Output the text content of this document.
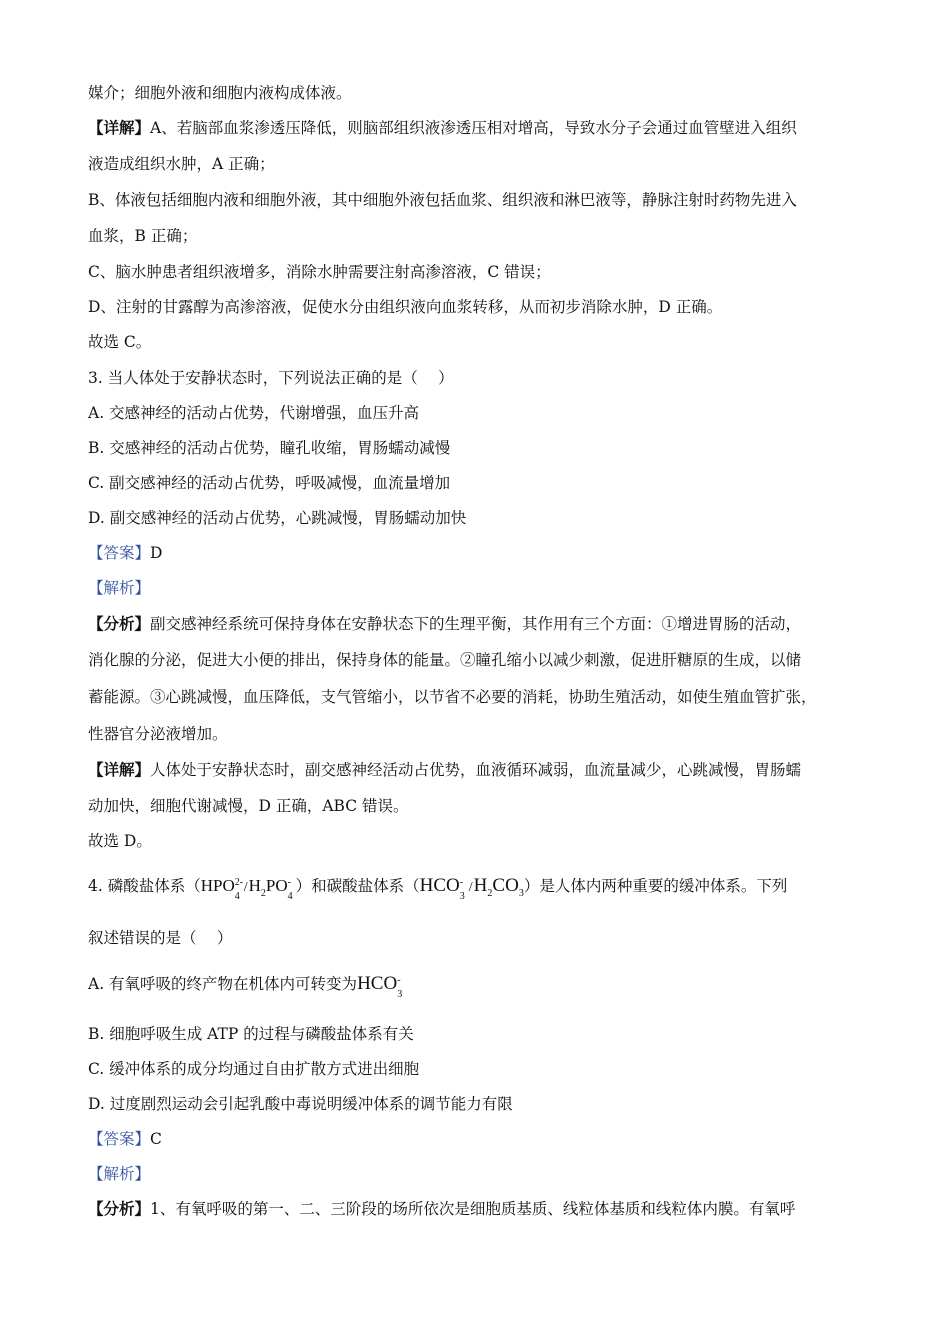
媒介；细胞外液和细胞内液构成体液。
【详解】A、若脑部血浆渗透压降低，则脑部组织液渗透压相对增高，导致水分子会通过血管壁进入组织
液造成组织水肿，A 正确；
B、体液包括细胞内液和细胞外液，其中细胞外液包括血浆、组织液和淋巴液等，静脉注射时药物先进入
血浆，B 正确；
C、脑水肿患者组织液增多，消除水肿需要注射高渗溶液，C 错误；
D、注射的甘露醇为高渗溶液，促使水分由组织液向血浆转移，从而初步消除水肿，D 正确。
故选 C。
3. 当人体处于安静状态时，下列说法正确的是（　 ）
A. 交感神经的活动占优势，代谢增强，血压升高
B. 交感神经的活动占优势，瞳孔收缩，胃肠蠕动减慢
C. 副交感神经的活动占优势，呼吸减慢，血流量增加
D. 副交感神经的活动占优势，心跳减慢，胃肠蠕动加快
【答案】D
【解析】
【分析】副交感神经系统可保持身体在安静状态下的生理平衡，其作用有三个方面：①增进胃肠的活动，
消化腺的分泌，促进大小便的排出，保持身体的能量。②瞳孔缩小以减少刺激，促进肝糖原的生成，以储
蓄能源。③心跳减慢，血压降低，支气管缩小，以节省不必要的消耗，协助生殖活动，如使生殖血管扩张，
性器官分泌液增加。
【详解】人体处于安静状态时，副交感神经活动占优势，血液循环减弱，血流量减少，心跳减慢，胃肠蠕
动加快，细胞代谢减慢，D 正确，ABC 错误。
故选 D。
4. 磷酸盐体系（HPO 2-
4
$/H_2PO$ -
4
）和碳酸盐体系（HCO -
3
$/H_2CO_3$）是人体内两种重要的缓冲体系。下列
叙述错误的是（　 ）
A. 有氧呼吸的终产物在机体内可转变为HCO -
3
B. 细胞呼吸生成 ATP 的过程与磷酸盐体系有关
C. 缓冲体系的成分均通过自由扩散方式进出细胞
D. 过度剧烈运动会引起乳酸中毒说明缓冲体系的调节能力有限
【答案】C
【解析】
【分析】1、有氧呼吸的第一、二、三阶段的场所依次是细胞质基质、线粒体基质和线粒体内膜。有氧呼
